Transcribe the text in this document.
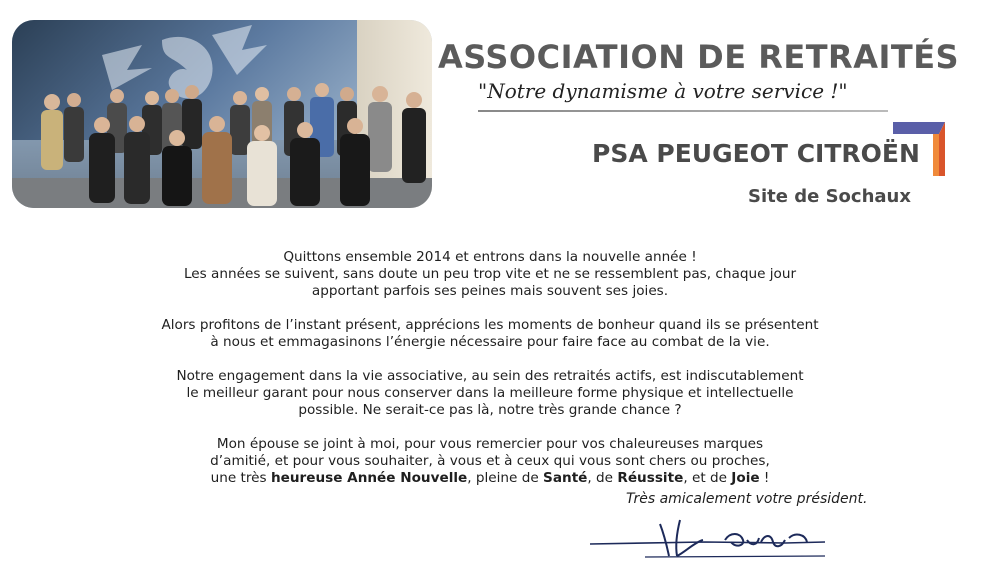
ASSOCIATION DE RETRAITÉS
"Notre dynamisme à votre service !"
PSA PEUGEOT CITROËN
Site de Sochaux

Quittons ensemble 2014 et entrons dans la nouvelle année !
Les années se suivent, sans doute un peu trop vite et ne se ressemblent pas, chaque jour
apportant parfois ses peines mais souvent ses joies.

Alors profitons de l’instant présent, apprécions les moments de bonheur quand ils se présentent
à nous et emmagasinons l’énergie nécessaire pour faire face au combat de la vie.

Notre engagement dans la vie associative, au sein des retraités actifs, est indiscutablement
le meilleur garant pour nous conserver dans la meilleure forme physique et intellectuelle
possible. Ne serait-ce pas là, notre très grande chance ?

Mon épouse se joint à moi, pour vous remercier pour vos chaleureuses marques
d’amitié, et pour vous souhaiter, à vous et à ceux qui vous sont chers ou proches,
une très heureuse Année Nouvelle, pleine de Santé, de Réussite, et de Joie !

Très amicalement votre président.
